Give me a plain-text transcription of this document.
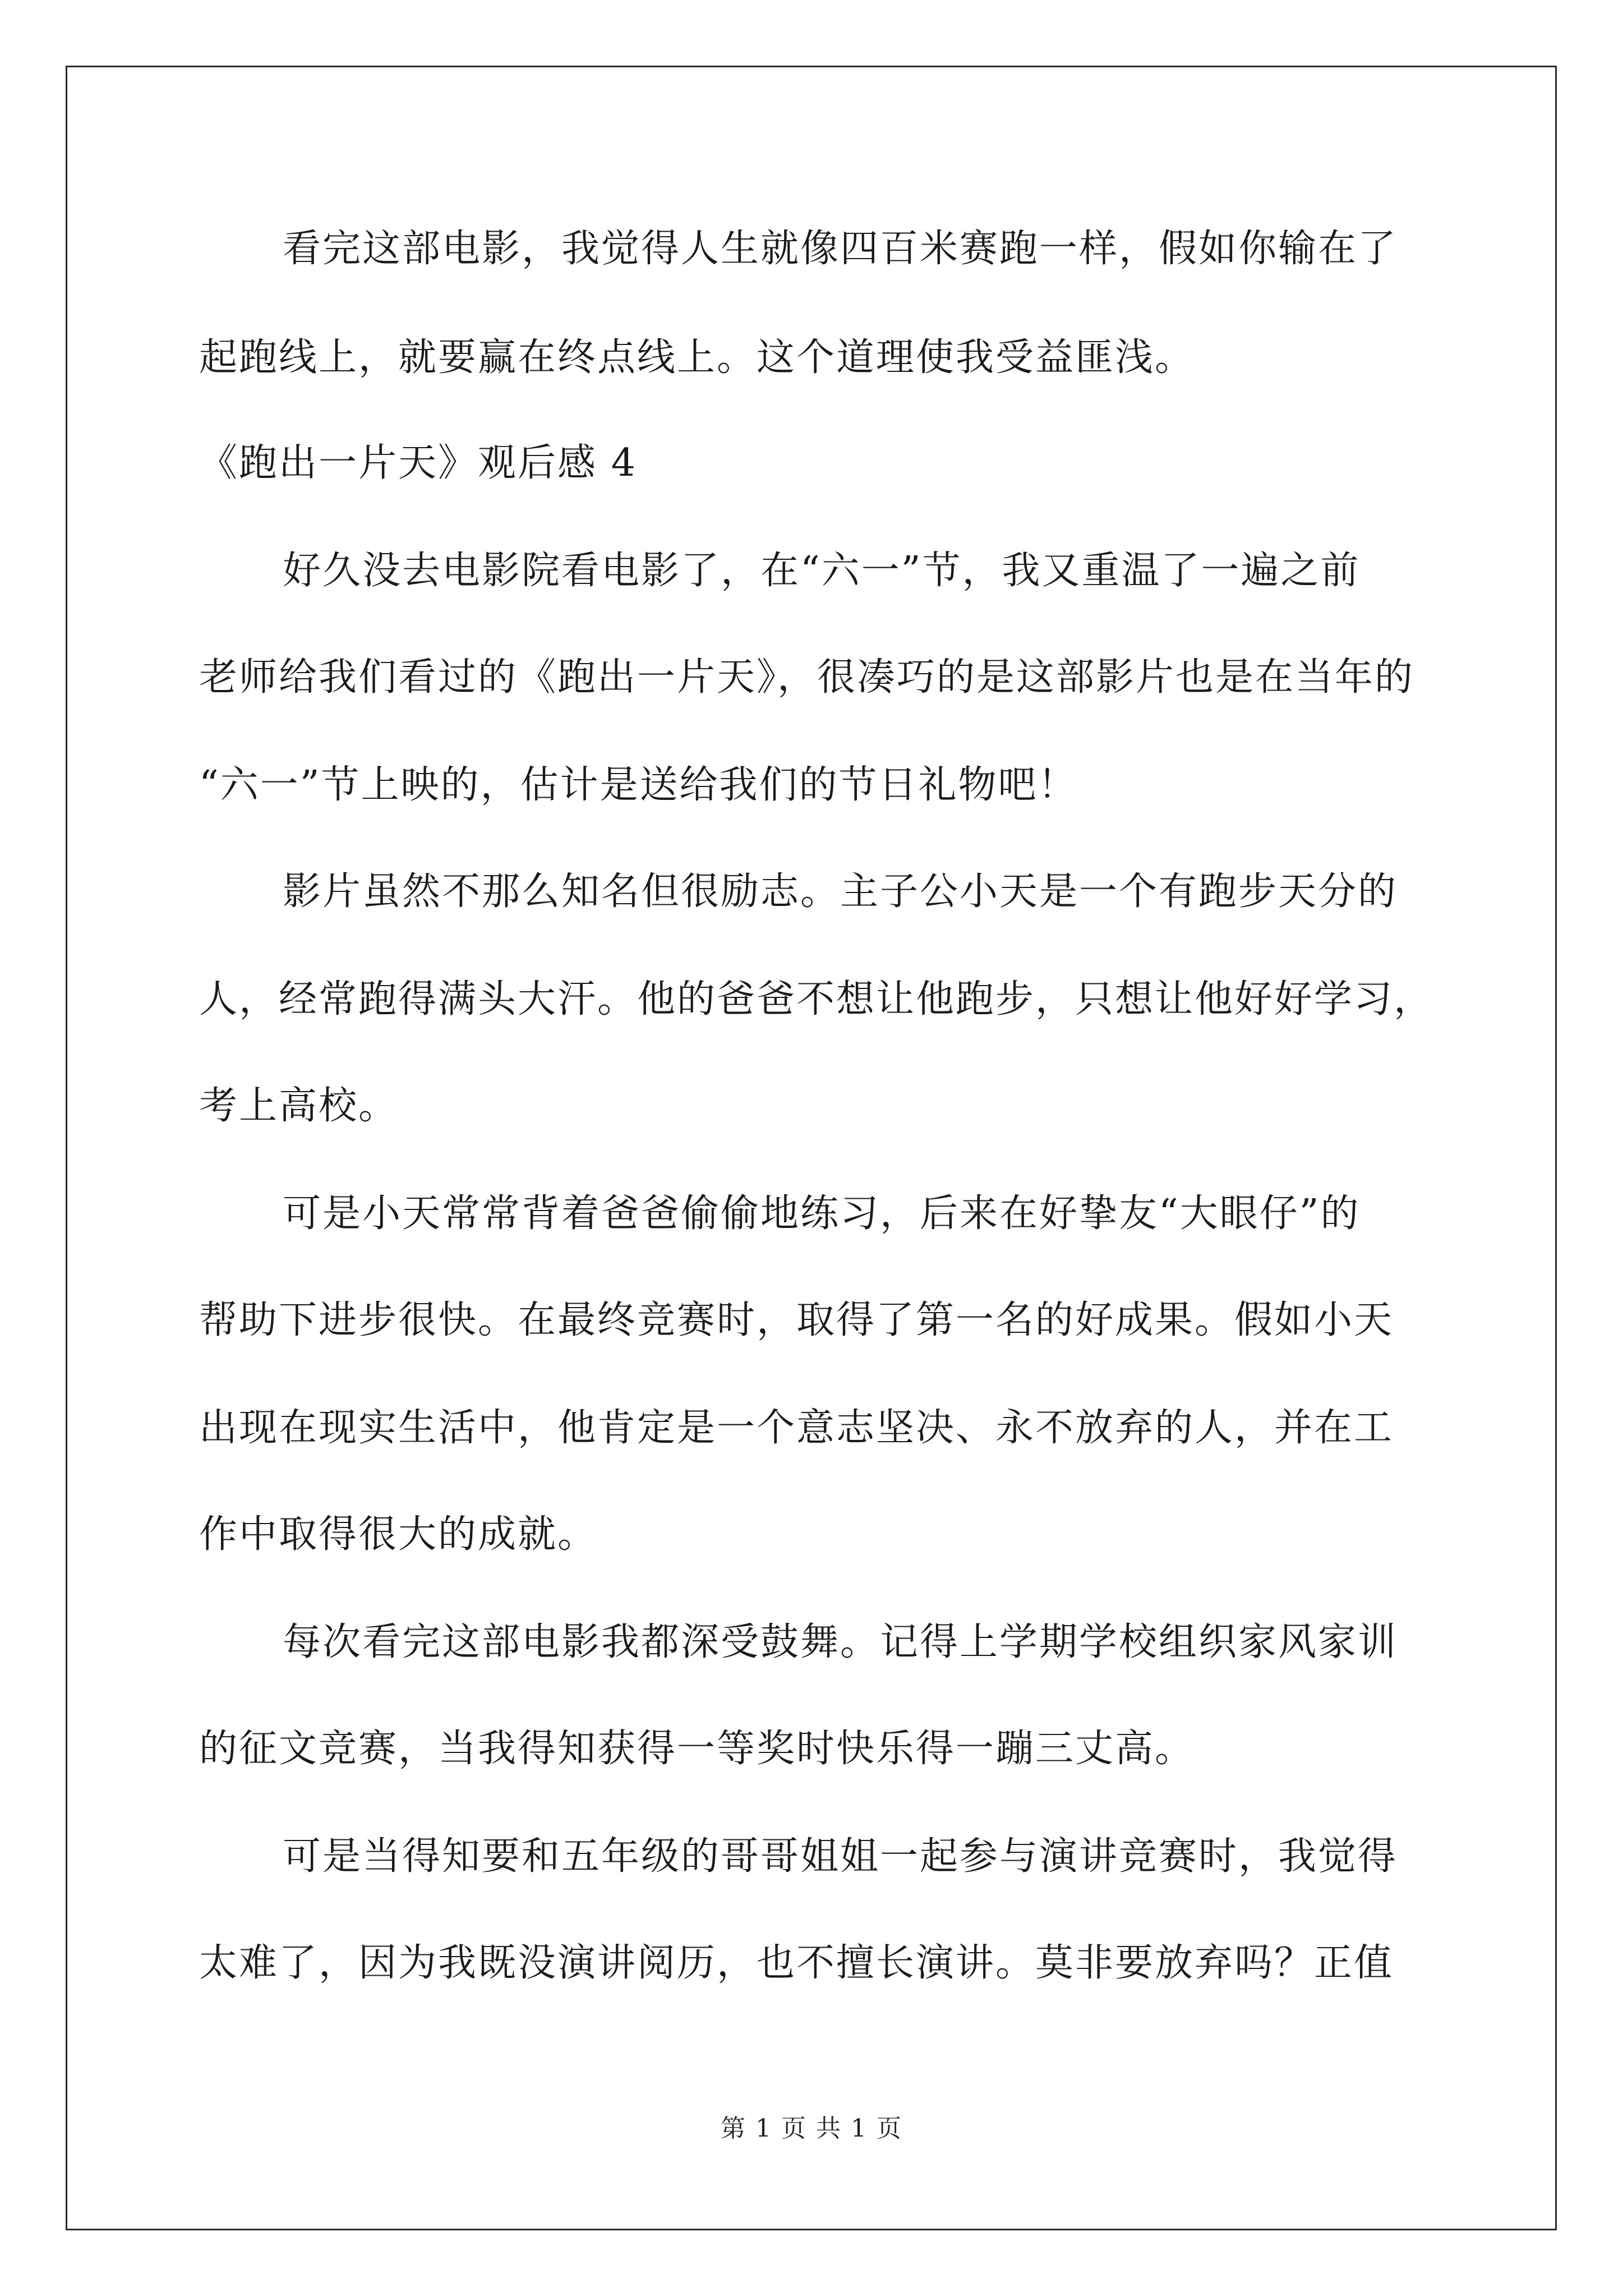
看完这部电影，我觉得人生就像四百米赛跑一样，假如你输在了
起跑线上，就要赢在终点线上。这个道理使我受益匪浅。
《跑出一片天》观后感 4
好久没去电影院看电影了，在“六一”节，我又重温了一遍之前
老师给我们看过的《跑出一片天》，很凑巧的是这部影片也是在当年的
“六一”节上映的，估计是送给我们的节日礼物吧！
影片虽然不那么知名但很励志。主子公小天是一个有跑步天分的
人，经常跑得满头大汗。他的爸爸不想让他跑步，只想让他好好学习，
考上高校。
可是小天常常背着爸爸偷偷地练习，后来在好挚友“大眼仔”的
帮助下进步很快。在最终竞赛时，取得了第一名的好成果。假如小天
出现在现实生活中，他肯定是一个意志坚决、永不放弃的人，并在工
作中取得很大的成就。
每次看完这部电影我都深受鼓舞。记得上学期学校组织家风家训
的征文竞赛，当我得知获得一等奖时快乐得一蹦三丈高。
可是当得知要和五年级的哥哥姐姐一起参与演讲竞赛时，我觉得
太难了，因为我既没演讲阅历，也不擅长演讲。莫非要放弃吗？正值
第 1 页 共 1 页
